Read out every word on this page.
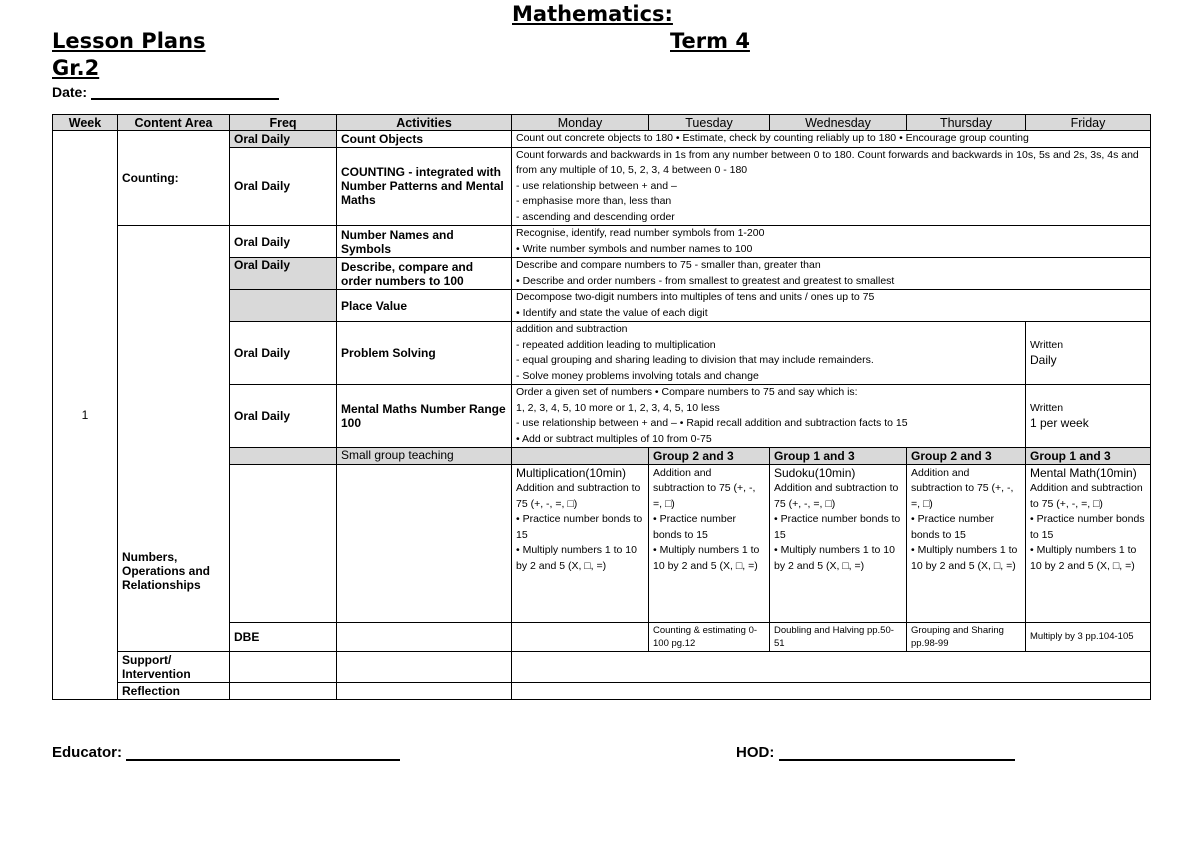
Mathematics:
Lesson Plans	Term 4
Gr.2
Date:
Week	Content Area	Freq	Activities	Monday	Tuesday	Wednesday	Thursday	Friday	
1	Counting:	Oral Daily	Count Objects	Count out concrete objects to 180 • Estimate, check by counting reliably up to 180 • Encourage group counting					
		Oral Daily	COUNTING - integrated with Number Patterns and Mental Maths	Count forwards and backwards in 1s from any number between 0 to 180. Count forwards and backwards in 10s, 5s and 2s, 3s, 4s and from any multiple of 10, 5, 2, 3, 4 between 0 - 180
- use relationship between + and –
- emphasise more than, less than
- ascending and descending order					

	Numbers, Operations and Relationships	Oral Daily	Number Names and Symbols	Recognise, identify, read number symbols from 1-200
• Write number symbols and number names to 100					

		Oral Daily	Describe, compare and order numbers to 100	Describe and compare numbers to 75 - smaller than, greater than
• Describe and order numbers - from smallest to greatest and greatest to smallest					

			Place Value	Decompose two-digit numbers into multiples of tens and units / ones up to 75
• Identify and state the value of each digit					

		Oral Daily	Problem Solving	addition and subtraction
- repeated addition leading to multiplication
- equal grouping and sharing leading to division that may include remainders.
- Solve money problems involving totals and change				Written
Daily	

		Oral Daily	Mental Maths Number Range 100	Order a given set of numbers • Compare numbers to 75 and say which is:
1, 2, 3, 4, 5, 10 more or 1, 2, 3, 4, 5, 10 less
- use relationship between + and – • Rapid recall addition and subtraction facts to 15
• Add or subtract multiples of 10 from 0-75				Written
1 per week	

			Small group teaching		Group 2 and 3	Group 1 and 3	Group 2 and 3	Group 1 and 3	

				Multiplication(10min)
Addition and subtraction to 75 (+, -, =, □)
• Practice number bonds to 15
• Multiply numbers 1 to 10 by 2 and 5 (X, □, =)	Addition and subtraction to 75 (+, -, =, □)
• Practice number bonds to 15
• Multiply numbers 1 to 10 by 2 and 5 (X, □, =)	Sudoku(10min)
Addition and subtraction to 75 (+, -, =, □)
• Practice number bonds to 15
• Multiply numbers 1 to 10 by 2 and 5 (X, □, =)	Addition and subtraction to 75 (+, -, =, □)
• Practice number bonds to 15
• Multiply numbers 1 to 10 by 2 and 5 (X, □, =)	Mental Math(10min)
Addition and subtraction to 75 (+, -, =, □)
• Practice number bonds to 15
• Multiply numbers 1 to 10 by 2 and 5 (X, □, =)	

		DBE			Counting & estimating 0-100 pg.12	Doubling and Halving pp.50-51	Grouping and Sharing pp.98-99	Multiply by 3 pp.104-105	
	Support/ Intervention								
	Reflection								
Educator:	HOD:
